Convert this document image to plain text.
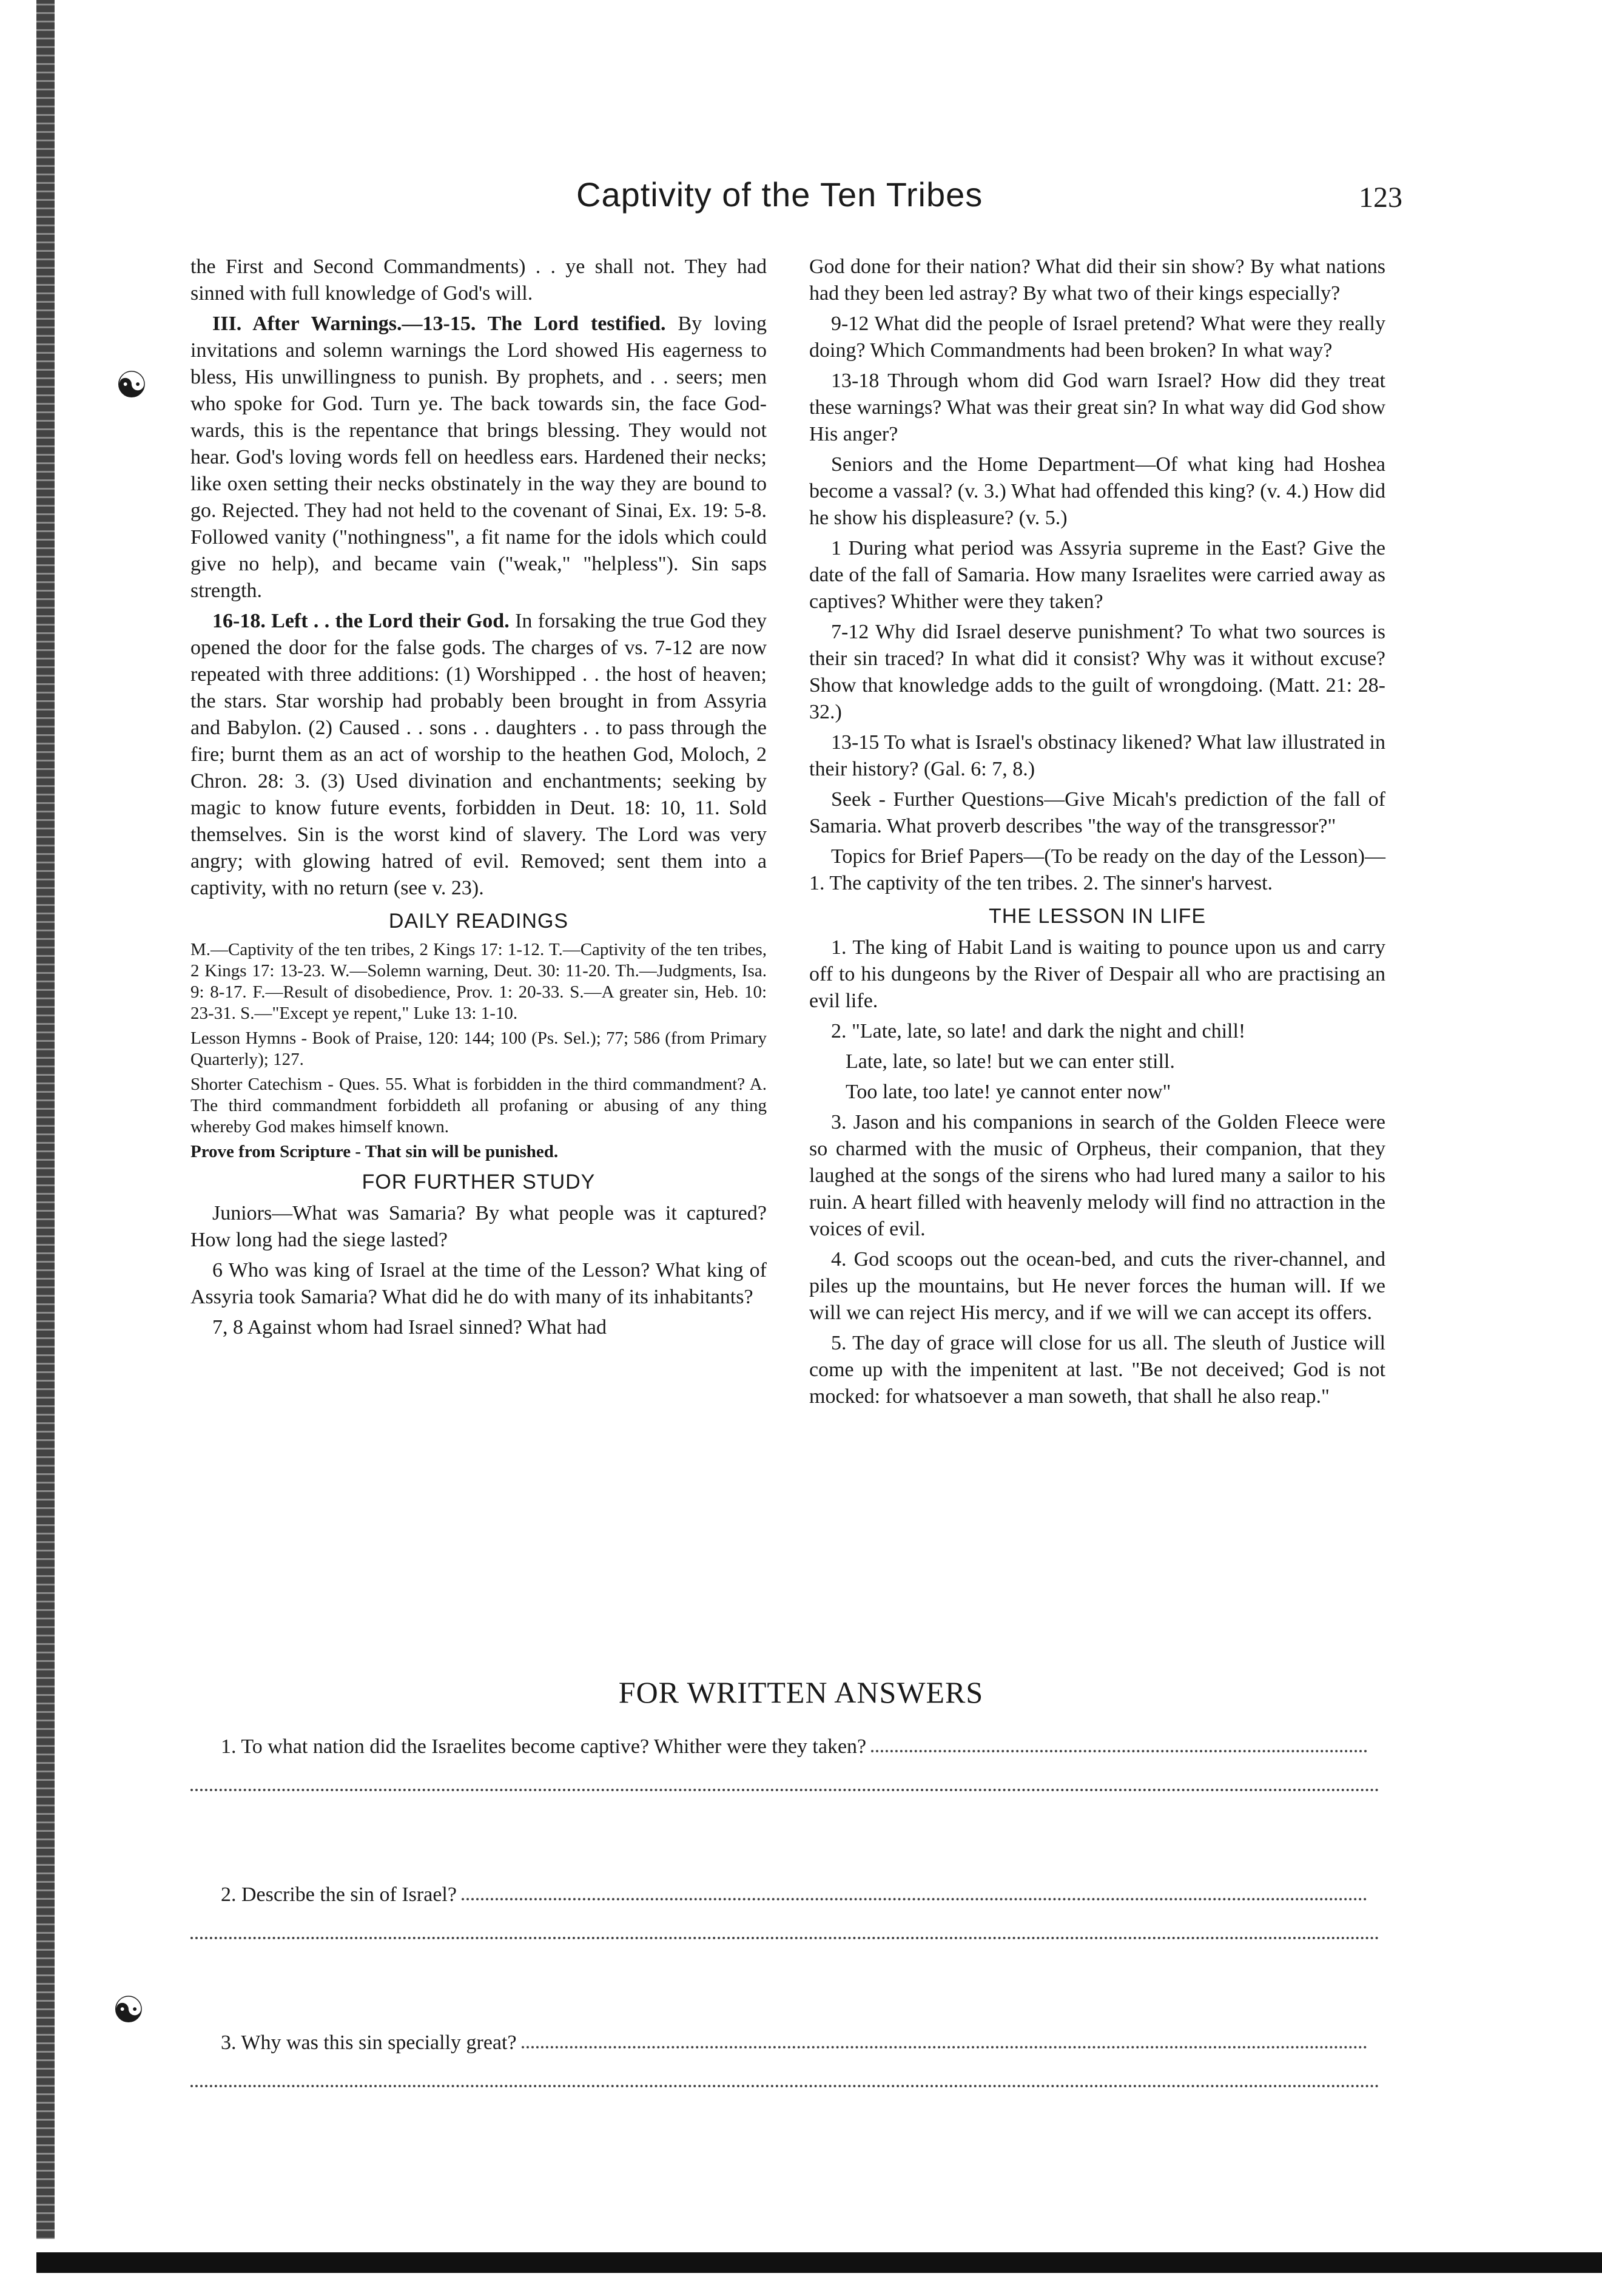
☯
☯
Captivity of the Ten Tribes	123

the First and Second Commandments) . . ye shall not. They had sinned with full knowledge of God's will.

III. After Warnings.—13-15. The Lord testified. By loving invitations and solemn warnings the Lord showed His eagerness to bless, His unwillingness to punish. By prophets, and . . seers; men who spoke for God. Turn ye. The back towards sin, the face God-wards, this is the repentance that brings blessing. They would not hear. God's loving words fell on heedless ears. Hardened their necks; like oxen setting their necks obstinately in the way they are bound to go. Rejected. They had not held to the covenant of Sinai, Ex. 19: 5-8. Followed vanity ("nothingness", a fit name for the idols which could give no help), and became vain ("weak," "helpless"). Sin saps strength.

16-18. Left . . the Lord their God. In forsaking the true God they opened the door for the false gods. The charges of vs. 7-12 are now repeated with three additions: (1) Worshipped . . the host of heaven; the stars. Star worship had probably been brought in from Assyria and Babylon. (2) Caused . . sons . . daughters . . to pass through the fire; burnt them as an act of worship to the heathen God, Moloch, 2 Chron. 28: 3. (3) Used divination and enchantments; seeking by magic to know future events, forbidden in Deut. 18: 10, 11. Sold themselves. Sin is the worst kind of slavery. The Lord was very angry; with glowing hatred of evil. Removed; sent them into a captivity, with no return (see v. 23).

DAILY READINGS

M.—Captivity of the ten tribes, 2 Kings 17: 1-12. T.—Captivity of the ten tribes, 2 Kings 17: 13-23. W.—Solemn warning, Deut. 30: 11-20. Th.—Judgments, Isa. 9: 8-17. F.—Result of disobedience, Prov. 1: 20-33. S.—A greater sin, Heb. 10: 23-31. S.—"Except ye repent," Luke 13: 1-10.

Lesson Hymns - Book of Praise, 120: 144; 100 (Ps. Sel.); 77; 586 (from Primary Quarterly); 127.

Shorter Catechism - Ques. 55. What is forbidden in the third commandment? A. The third commandment forbiddeth all profaning or abusing of any thing whereby God makes himself known.

Prove from Scripture - That sin will be punished.

FOR FURTHER STUDY

Juniors—What was Samaria? By what people was it captured? How long had the siege lasted?

6 Who was king of Israel at the time of the Lesson? What king of Assyria took Samaria? What did he do with many of its inhabitants?

7, 8 Against whom had Israel sinned? What had

God done for their nation? What did their sin show? By what nations had they been led astray? By what two of their kings especially?

9-12 What did the people of Israel pretend? What were they really doing? Which Commandments had been broken? In what way?

13-18 Through whom did God warn Israel? How did they treat these warnings? What was their great sin? In what way did God show His anger?

Seniors and the Home Department—Of what king had Hoshea become a vassal? (v. 3.) What had offended this king? (v. 4.) How did he show his displeasure? (v. 5.)

1 During what period was Assyria supreme in the East? Give the date of the fall of Samaria. How many Israelites were carried away as captives? Whither were they taken?

7-12 Why did Israel deserve punishment? To what two sources is their sin traced? In what did it consist? Why was it without excuse? Show that knowledge adds to the guilt of wrongdoing. (Matt. 21: 28-32.)

13-15 To what is Israel's obstinacy likened? What law illustrated in their history? (Gal. 6: 7, 8.)

Seek - Further Questions—Give Micah's prediction of the fall of Samaria. What proverb describes "the way of the transgressor?"

Topics for Brief Papers—(To be ready on the day of the Lesson)—1. The captivity of the ten tribes. 2. The sinner's harvest.

THE LESSON IN LIFE

1. The king of Habit Land is waiting to pounce upon us and carry off to his dungeons by the River of Despair all who are practising an evil life.

2. "Late, late, so late! and dark the night and chill!

Late, late, so late! but we can enter still.

Too late, too late! ye cannot enter now"

3. Jason and his companions in search of the Golden Fleece were so charmed with the music of Orpheus, their companion, that they laughed at the songs of the sirens who had lured many a sailor to his ruin. A heart filled with heavenly melody will find no attraction in the voices of evil.

4. God scoops out the ocean-bed, and cuts the river-channel, and piles up the mountains, but He never forces the human will. If we will we can reject His mercy, and if we will we can accept its offers.

5. The day of grace will close for us all. The sleuth of Justice will come up with the impenitent at last. "Be not deceived; God is not mocked: for whatsoever a man soweth, that shall he also reap."

FOR WRITTEN ANSWERS
1. To what nation did the Israelites become captive? Whither were they taken?
2. Describe the sin of Israel?
3. Why was this sin specially great?
